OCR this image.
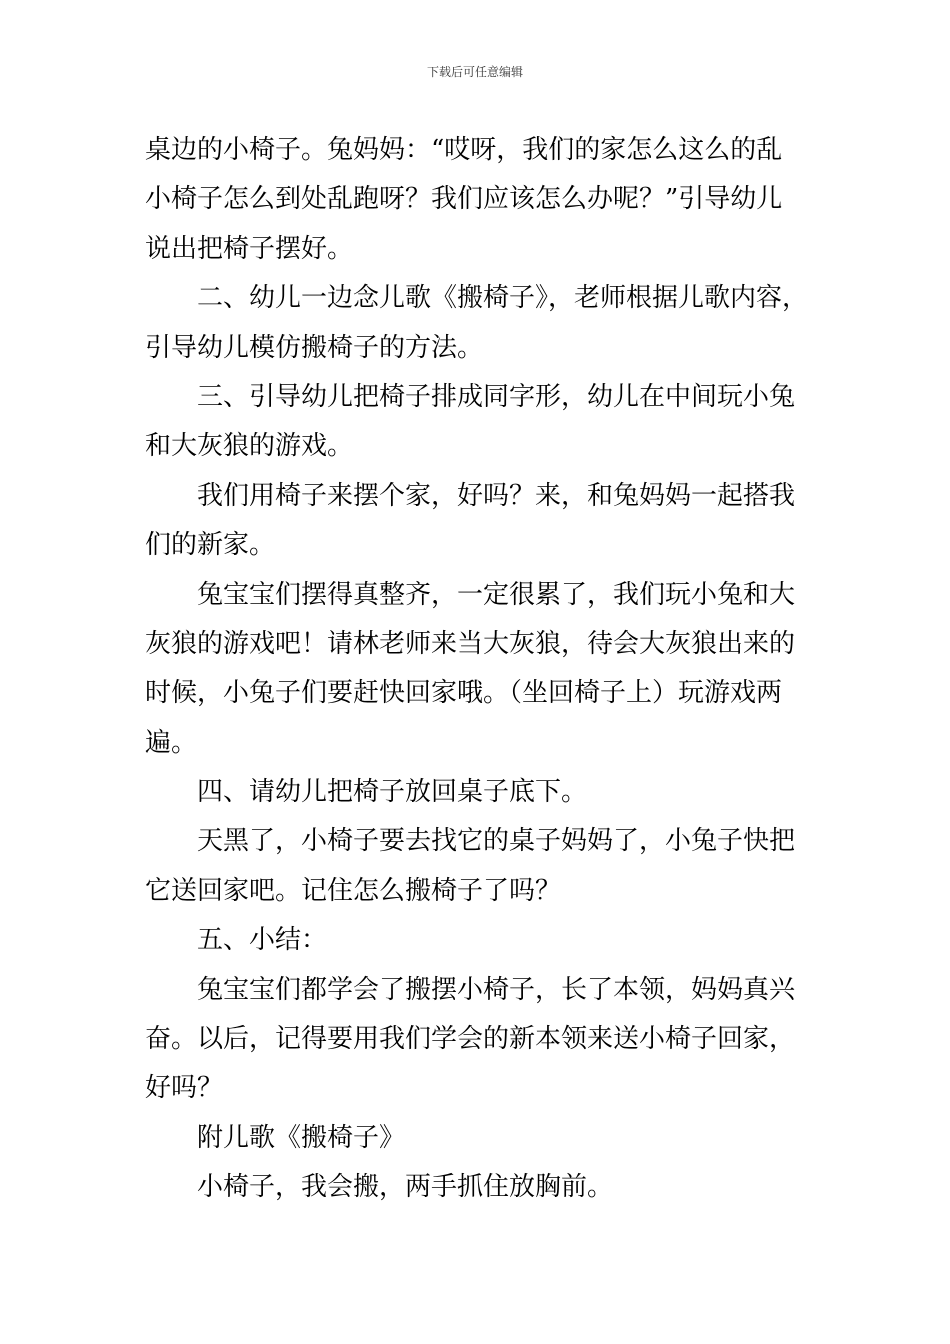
下载后可任意编辑
桌边的小椅子。兔妈妈：“哎呀，我们的家怎么这么的乱
小椅子怎么到处乱跑呀？我们应该怎么办呢？”引导幼儿
说出把椅子摆好。
二、幼儿一边念儿歌《搬椅子》，老师根据儿歌内容，
引导幼儿模仿搬椅子的方法。
三、引导幼儿把椅子排成同字形，幼儿在中间玩小兔
和大灰狼的游戏。
我们用椅子来摆个家，好吗？来，和兔妈妈一起搭我
们的新家。
兔宝宝们摆得真整齐，一定很累了，我们玩小兔和大
灰狼的游戏吧！请林老师来当大灰狼，待会大灰狼出来的
时候，小兔子们要赶快回家哦。（坐回椅子上）玩游戏两
遍。
四、请幼儿把椅子放回桌子底下。
天黑了，小椅子要去找它的桌子妈妈了，小兔子快把
它送回家吧。记住怎么搬椅子了吗？
五、小结：
兔宝宝们都学会了搬摆小椅子，长了本领，妈妈真兴
奋。以后，记得要用我们学会的新本领来送小椅子回家，
好吗？
附儿歌《搬椅子》
小椅子，我会搬，两手抓住放胸前。
